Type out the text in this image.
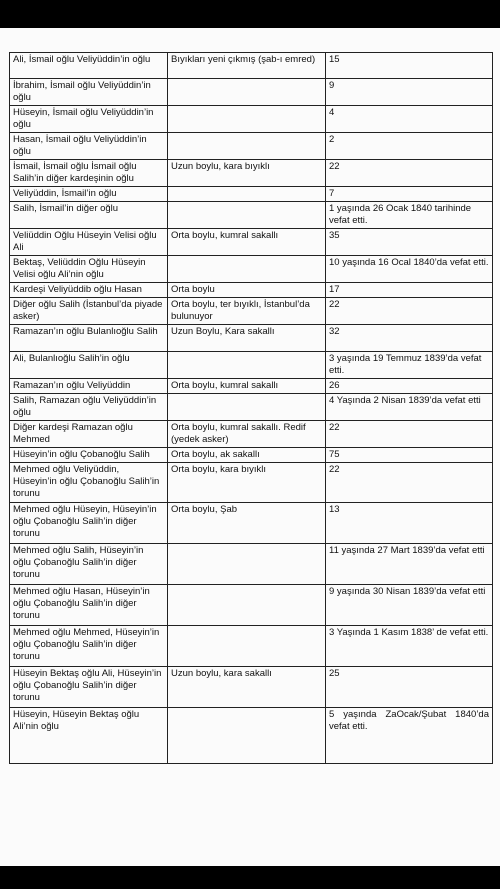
Ali, İsmail oğlu Veliyüddin’in oğlu	Bıyıkları yeni çıkmış (şab-ı emred)	15
İbrahim, İsmail oğlu Veliyüddin’in oğlu		9
Hüseyin, İsmail oğlu Veliyüddin’in oğlu		4
Hasan, İsmail oğlu Veliyüddin’in oğlu		2
İsmail, İsmail oğlu İsmail oğlu Salih’in diğer kardeşinin oğlu	Uzun boylu, kara bıyıklı	22
Veliyüddin, İsmail’in oğlu		7
Salih, İsmail’in diğer oğlu		1 yaşında 26 Ocak 1840 tarihinde vefat etti.
Veliüddin Oğlu Hüseyin Velisi oğlu Ali	Orta boylu, kumral sakallı	35
Bektaş, Veliüddin Oğlu Hüseyin Velisi oğlu Ali’nin oğlu		10 yaşında 16 Ocal 1840’da vefat etti.
Kardeşi Veliyüddib oğlu Hasan	Orta boylu	17
Diğer oğlu Salih (İstanbul’da piyade asker)	Orta boylu, ter bıyıklı, İstanbul’da bulunuyor	22
Ramazan’ın oğlu Bulanlıoğlu Salih	Uzun Boylu, Kara sakallı	32
Ali, Bulanlıoğlu Salih’in oğlu		3 yaşında 19 Temmuz 1839’da vefat etti.
Ramazan’ın oğlu Veliyüddin	Orta boylu, kumral sakallı	26
Salih, Ramazan oğlu Veliyüddin’in oğlu		4 Yaşında 2 Nisan 1839’da vefat etti
Diğer kardeşi Ramazan oğlu Mehmed	Orta boylu, kumral sakallı. Redif (yedek asker)	22
Hüseyin’in oğlu Çobanoğlu Salih	Orta boylu, ak sakallı	75
Mehmed oğlu Veliyüddin, Hüseyin’in oğlu Çobanoğlu Salih’in torunu	Orta boylu, kara bıyıklı	22
Mehmed oğlu Hüseyin, Hüseyin’in oğlu Çobanoğlu Salih’in diğer torunu	Orta boylu, Şab	13
Mehmed oğlu Salih, Hüseyin’in oğlu Çobanoğlu Salih’in diğer torunu		11 yaşında 27 Mart 1839’da vefat etti
Mehmed oğlu Hasan, Hüseyin’in oğlu Çobanoğlu Salih’in diğer torunu		9 yaşında 30 Nisan 1839’da vefat etti
Mehmed oğlu Mehmed, Hüseyin’in oğlu Çobanoğlu Salih’in diğer torunu		3 Yaşında 1 Kasım 1838’ de vefat etti.
Hüseyin Bektaş oğlu Ali, Hüseyin’in oğlu Çobanoğlu Salih’in diğer torunu	Uzun boylu, kara sakallı	25
Hüseyin, Hüseyin Bektaş oğlu Ali’nin oğlu		5 yaşında ZaOcak/Şubat 1840’da vefat etti.
